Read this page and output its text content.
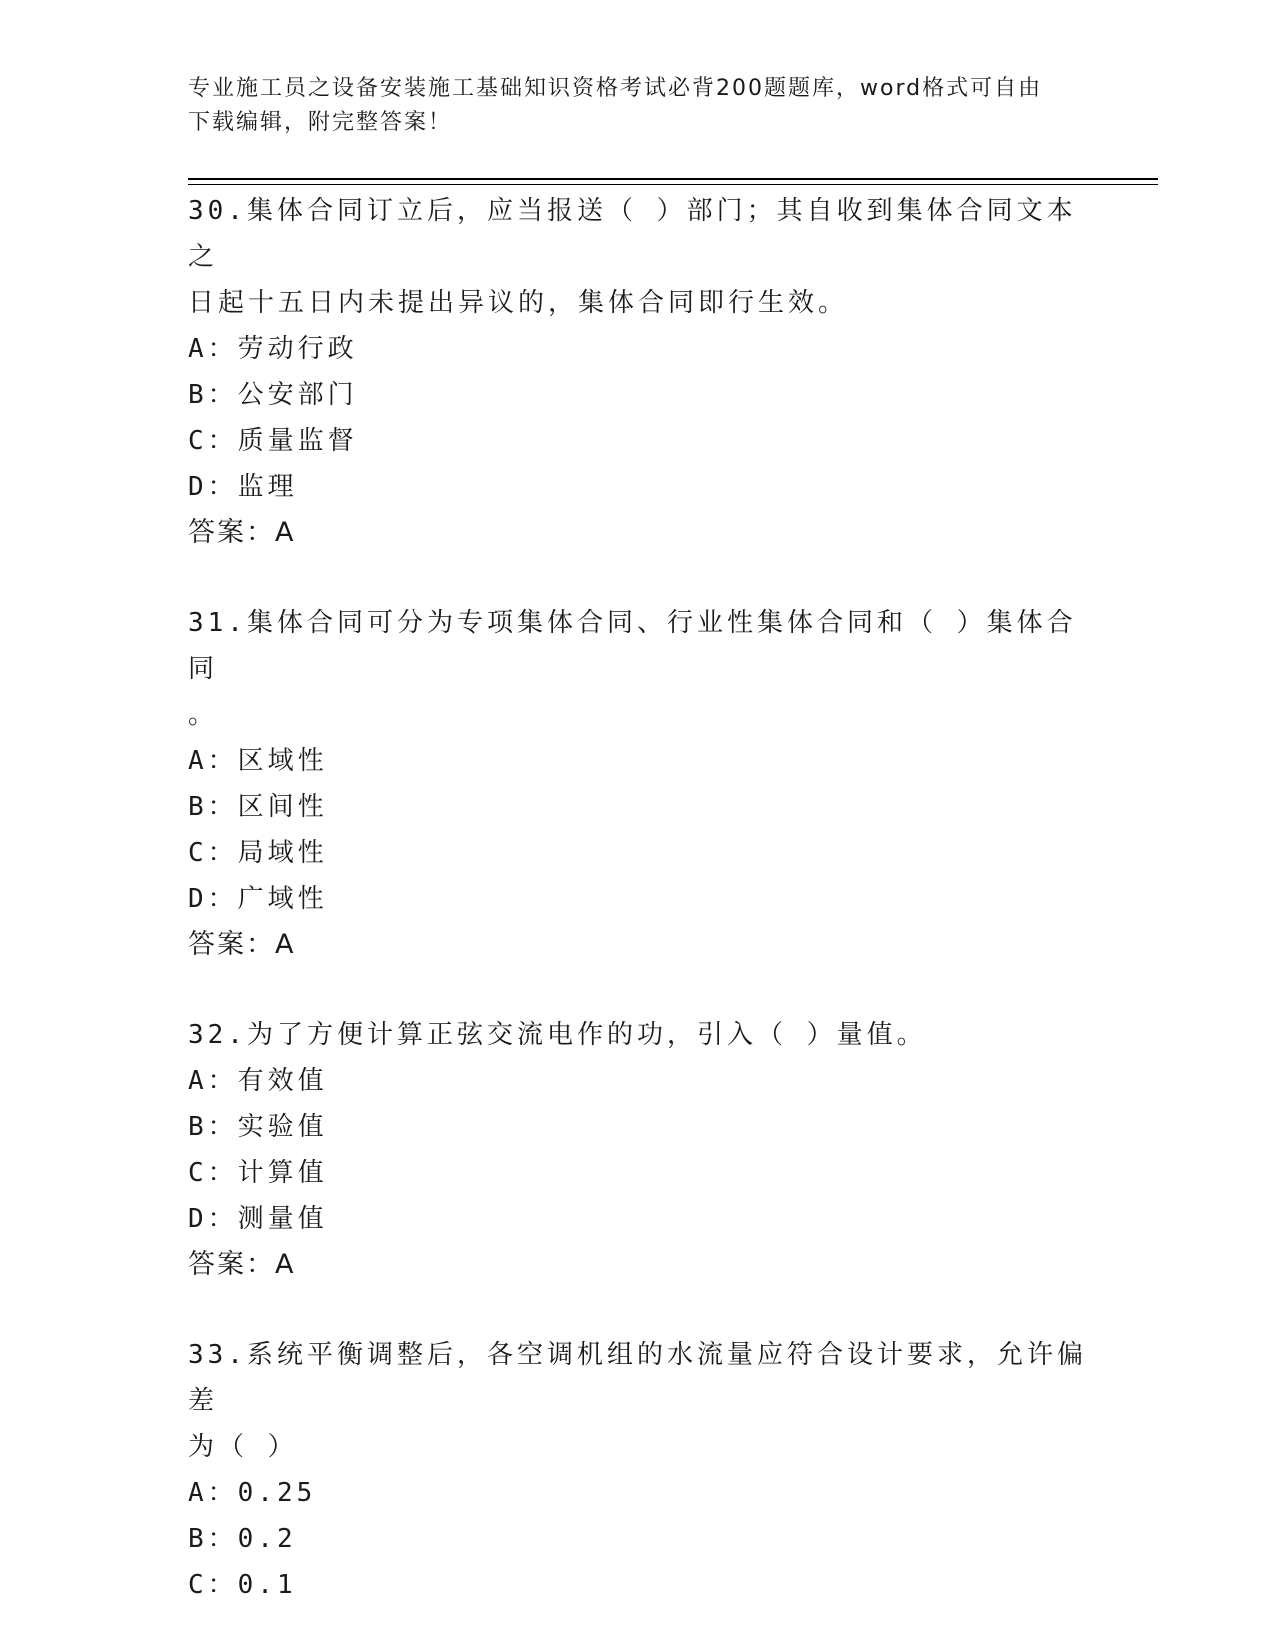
专业施工员之设备安装施工基础知识资格考试必背200题题库，word格式可自由
下载编辑，附完整答案！
30.集体合同订立后，应当报送（ ）部门；其自收到集体合同文本之
日起十五日内未提出异议的，集体合同即行生效。
A：劳动行政
B：公安部门
C：质量监督
D：监理
答案：A
31.集体合同可分为专项集体合同、行业性集体合同和（ ）集体合同
。
A：区域性
B：区间性
C：局域性
D：广域性
答案：A
32.为了方便计算正弦交流电作的功，引入（ ）量值。
A：有效值
B：实验值
C：计算值
D：测量值
答案：A
33.系统平衡调整后，各空调机组的水流量应符合设计要求，允许偏差
为（ ）
A：0.25
B：0.2
C：0.1
